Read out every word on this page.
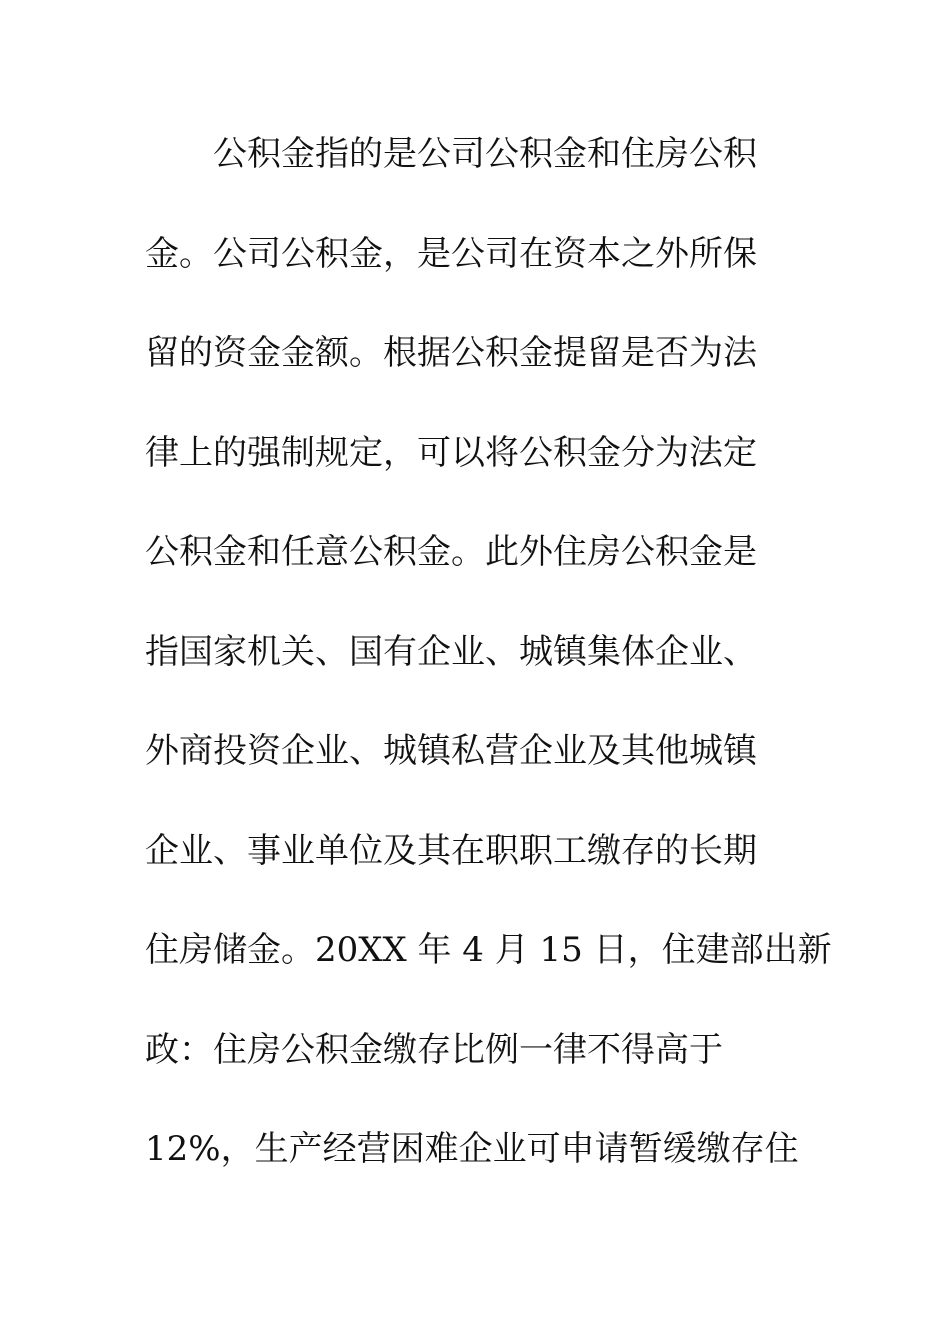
　　公积金指的是公司公积金和住房公积
金。公司公积金，是公司在资本之外所保
留的资金金额。根据公积金提留是否为法
律上的强制规定，可以将公积金分为法定
公积金和任意公积金。此外住房公积金是
指国家机关、国有企业、城镇集体企业、
外商投资企业、城镇私营企业及其他城镇
企业、事业单位及其在职职工缴存的长期
住房储金。20XX 年 4 月 15 日，住建部出新
政：住房公积金缴存比例一律不得高于
12%，生产经营困难企业可申请暂缓缴存住
